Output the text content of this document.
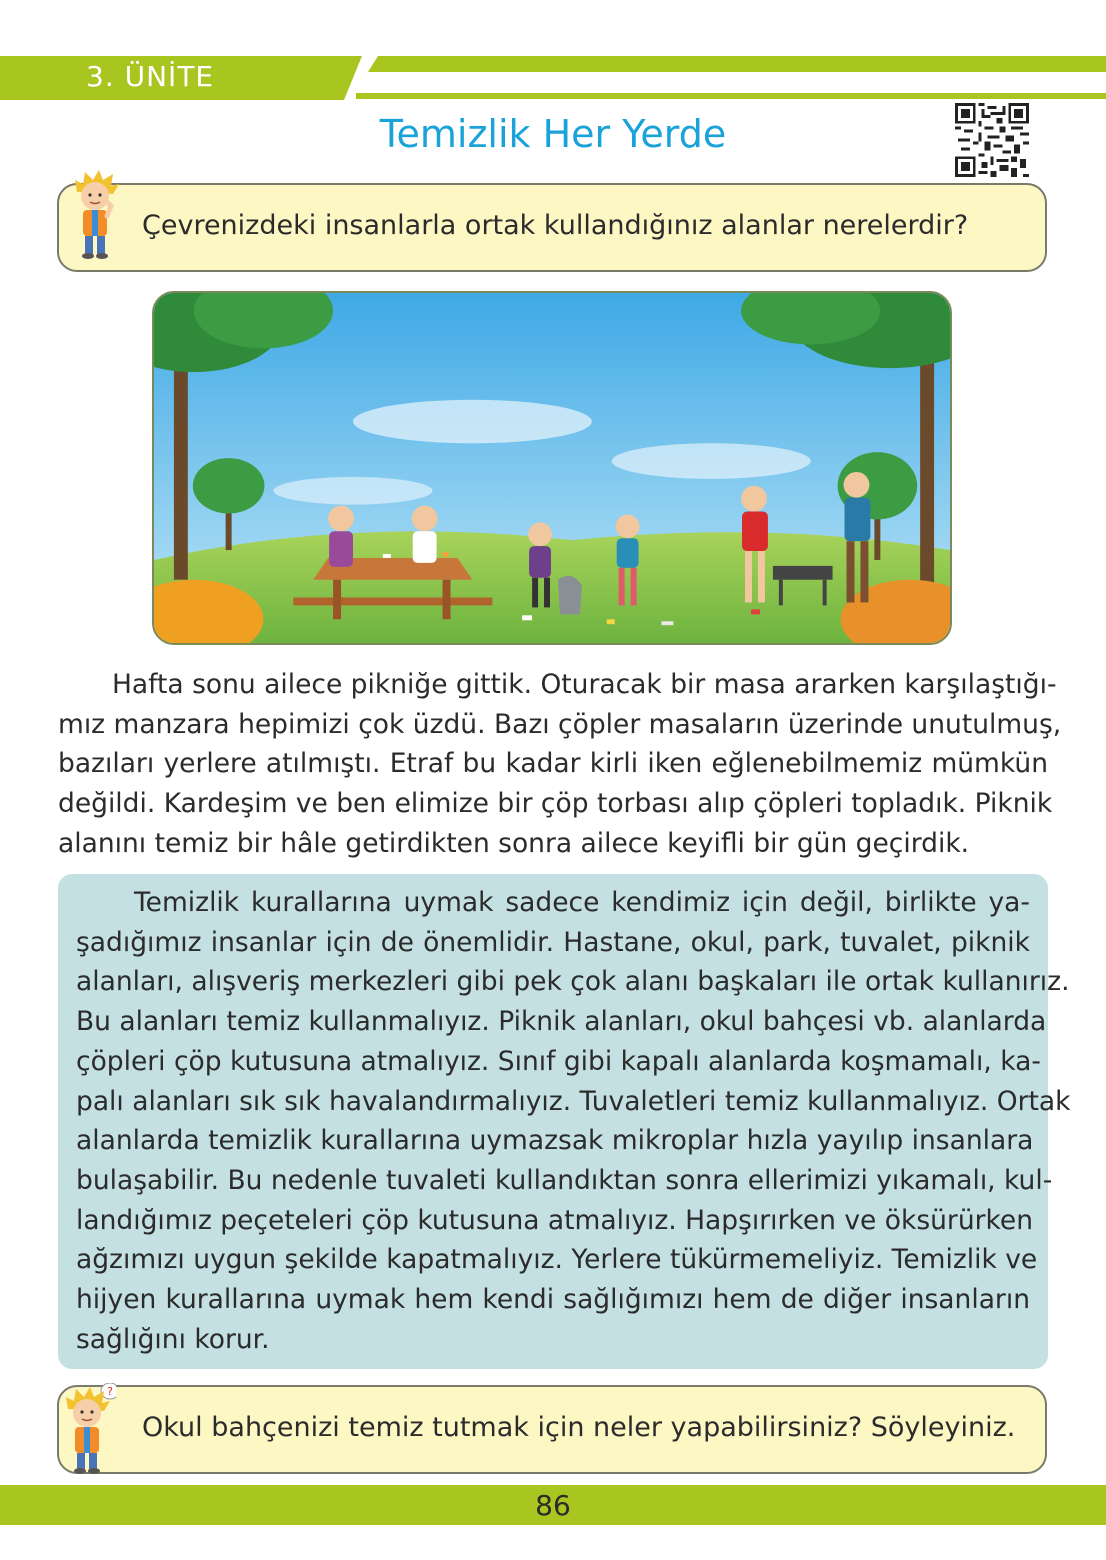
3. ÜNİTE
Temizlik Her Yerde
Çevrenizdeki insanlarla ortak kullandığınız alanlar nerelerdir?
Hafta sonu ailece pikniğe gittik. Oturacak bir masa ararken karşılaştığı-
mız manzara hepimizi çok üzdü. Bazı çöpler masaların üzerinde unutulmuş,
bazıları yerlere atılmıştı. Etraf bu kadar kirli iken eğlenebilmemiz mümkün
değildi. Kardeşim ve ben elimize bir çöp torbası alıp çöpleri topladık. Piknik
alanını temiz bir hâle getirdikten sonra ailece keyifli bir gün geçirdik.
Temizlik kurallarına uymak sadece kendimiz için değil, birlikte ya-
şadığımız insanlar için de önemlidir. Hastane, okul, park, tuvalet, piknik
alanları, alışveriş merkezleri gibi pek çok alanı başkaları ile ortak kullanırız.
Bu alanları temiz kullanmalıyız. Piknik alanları, okul bahçesi vb. alanlarda
çöpleri çöp kutusuna atmalıyız. Sınıf gibi kapalı alanlarda koşmamalı, ka-
palı alanları sık sık havalandırmalıyız. Tuvaletleri temiz kullanmalıyız. Ortak
alanlarda temizlik kurallarına uymazsak mikroplar hızla yayılıp insanlara
bulaşabilir. Bu nedenle tuvaleti kullandıktan sonra ellerimizi yıkamalı, kul-
landığımız peçeteleri çöp kutusuna atmalıyız. Hapşırırken ve öksürürken
ağzımızı uygun şekilde kapatmalıyız. Yerlere tükürmemeliyiz. Temizlik ve
hijyen kurallarına uymak hem kendi sağlığımızı hem de diğer insanların
sağlığını korur.
?
Okul bahçenizi temiz tutmak için neler yapabilirsiniz? Söyleyiniz.
86
